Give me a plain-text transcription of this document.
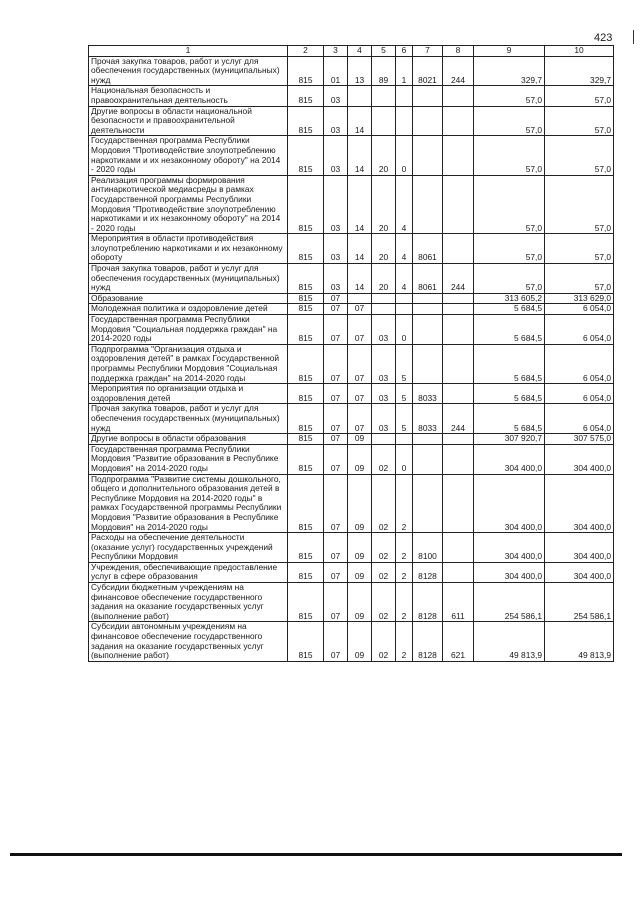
423
1	2	3	4	5	6	7	8	9	10
Прочая закупка товаров, работ и услуг для обеспечения государственных (муниципальных) нужд	815	01	13	89	1	8021	244	329,7	329,7
Национальная безопасность и правоохранительная деятельность	815	03						57,0	57,0
Другие вопросы в области национальной безопасности и правоохранительной деятельности	815	03	14					57,0	57,0
Государственная программа Республики Мордовия "Противодействие злоупотреблению наркотиками и их незаконному обороту" на 2014 - 2020 годы	815	03	14	20	0			57,0	57,0
Реализация программы формирования антинаркотической медиасреды в рамках Государственной программы Республики Мордовия "Противодействие злоупотреблению наркотиками и их незаконному обороту" на 2014 - 2020 годы	815	03	14	20	4			57,0	57,0
Мероприятия в области противодействия злоупотреблению наркотиками и их незаконному обороту	815	03	14	20	4	8061		57,0	57,0
Прочая закупка товаров, работ и услуг для обеспечения государственных (муниципальных) нужд	815	03	14	20	4	8061	244	57,0	57,0
Образование	815	07						313 605,2	313 629,0
Молодежная политика и оздоровление детей	815	07	07					5 684,5	6 054,0
Государственная программа Республики Мордовия "Социальная поддержка граждан" на 2014-2020 годы	815	07	07	03	0			5 684,5	6 054,0
Подпрограмма "Организация отдыха и оздоровления детей" в рамках Государственной программы Республики Мордовия "Социальная поддержка граждан" на 2014-2020 годы	815	07	07	03	5			5 684,5	6 054,0
Мероприятия по организации отдыха и оздоровления детей	815	07	07	03	5	8033		5 684,5	6 054,0
Прочая закупка товаров, работ и услуг для обеспечения государственных (муниципальных) нужд	815	07	07	03	5	8033	244	5 684,5	6 054,0
Другие вопросы в области образования	815	07	09					307 920,7	307 575,0
Государственная программа Республики Мордовия "Развитие образования в Республике Мордовия" на 2014-2020 годы	815	07	09	02	0			304 400,0	304 400,0
Подпрограмма "Развитие системы дошкольного, общего и дополнительного образования детей в Республике Мордовия на 2014-2020 годы" в рамках Государственной программы Республики Мордовия "Развитие образования в Республике Мордовия" на 2014-2020 годы	815	07	09	02	2			304 400,0	304 400,0
Расходы на обеспечение деятельности (оказание услуг) государственных учреждений Республики Мордовия	815	07	09	02	2	8100		304 400,0	304 400,0
Учреждения, обеспечивающие предоставление услуг в сфере образования	815	07	09	02	2	8128		304 400,0	304 400,0
Субсидии бюджетным учреждениям на финансовое обеспечение государственного задания на оказание государственных услуг (выполнение работ)	815	07	09	02	2	8128	611	254 586,1	254 586,1
Субсидии автономным учреждениям на финансовое обеспечение государственного задания на оказание государственных услуг (выполнение работ)	815	07	09	02	2	8128	621	49 813,9	49 813,9
